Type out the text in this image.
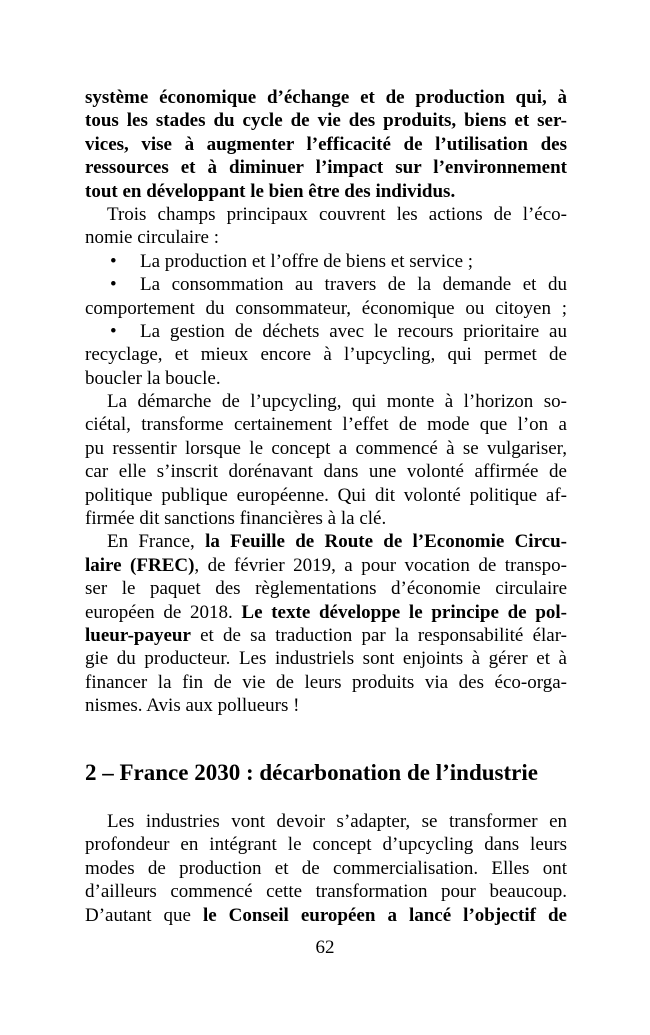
système économique d’échange et de production qui, à
tous les stades du cycle de vie des produits, biens et ser-
vices, vise à augmenter l’efficacité de l’utilisation des
ressources et à diminuer l’impact sur l’environnement
tout en développant le bien être des individus.
Trois champs principaux couvrent les actions de l’éco-
nomie circulaire :
• La production et l’offre de biens et service ;
• La consommation au travers de la demande et du
comportement du consommateur, économique ou citoyen ;
• La gestion de déchets avec le recours prioritaire au
recyclage, et mieux encore à l’upcycling, qui permet de
boucler la boucle.
La démarche de l’upcycling, qui monte à l’horizon so-
ciétal, transforme certainement l’effet de mode que l’on a
pu ressentir lorsque le concept a commencé à se vulgariser,
car elle s’inscrit dorénavant dans une volonté affirmée de
politique publique européenne. Qui dit volonté politique af-
firmée dit sanctions financières à la clé.
En France, la Feuille de Route de l’Economie Circu-
laire (FREC), de février 2019, a pour vocation de transpo-
ser le paquet des règlementations d’économie circulaire
européen de 2018. Le texte développe le principe de pol-
lueur-payeur et de sa traduction par la responsabilité élar-
gie du producteur. Les industriels sont enjoints à gérer et à
financer la fin de vie de leurs produits via des éco-orga-
nismes. Avis aux pollueurs !
2 – France 2030 : décarbonation de l’industrie
Les industries vont devoir s’adapter, se transformer en
profondeur en intégrant le concept d’upcycling dans leurs
modes de production et de commercialisation. Elles ont
d’ailleurs commencé cette transformation pour beaucoup.
D’autant que le Conseil européen a lancé l’objectif de
62
